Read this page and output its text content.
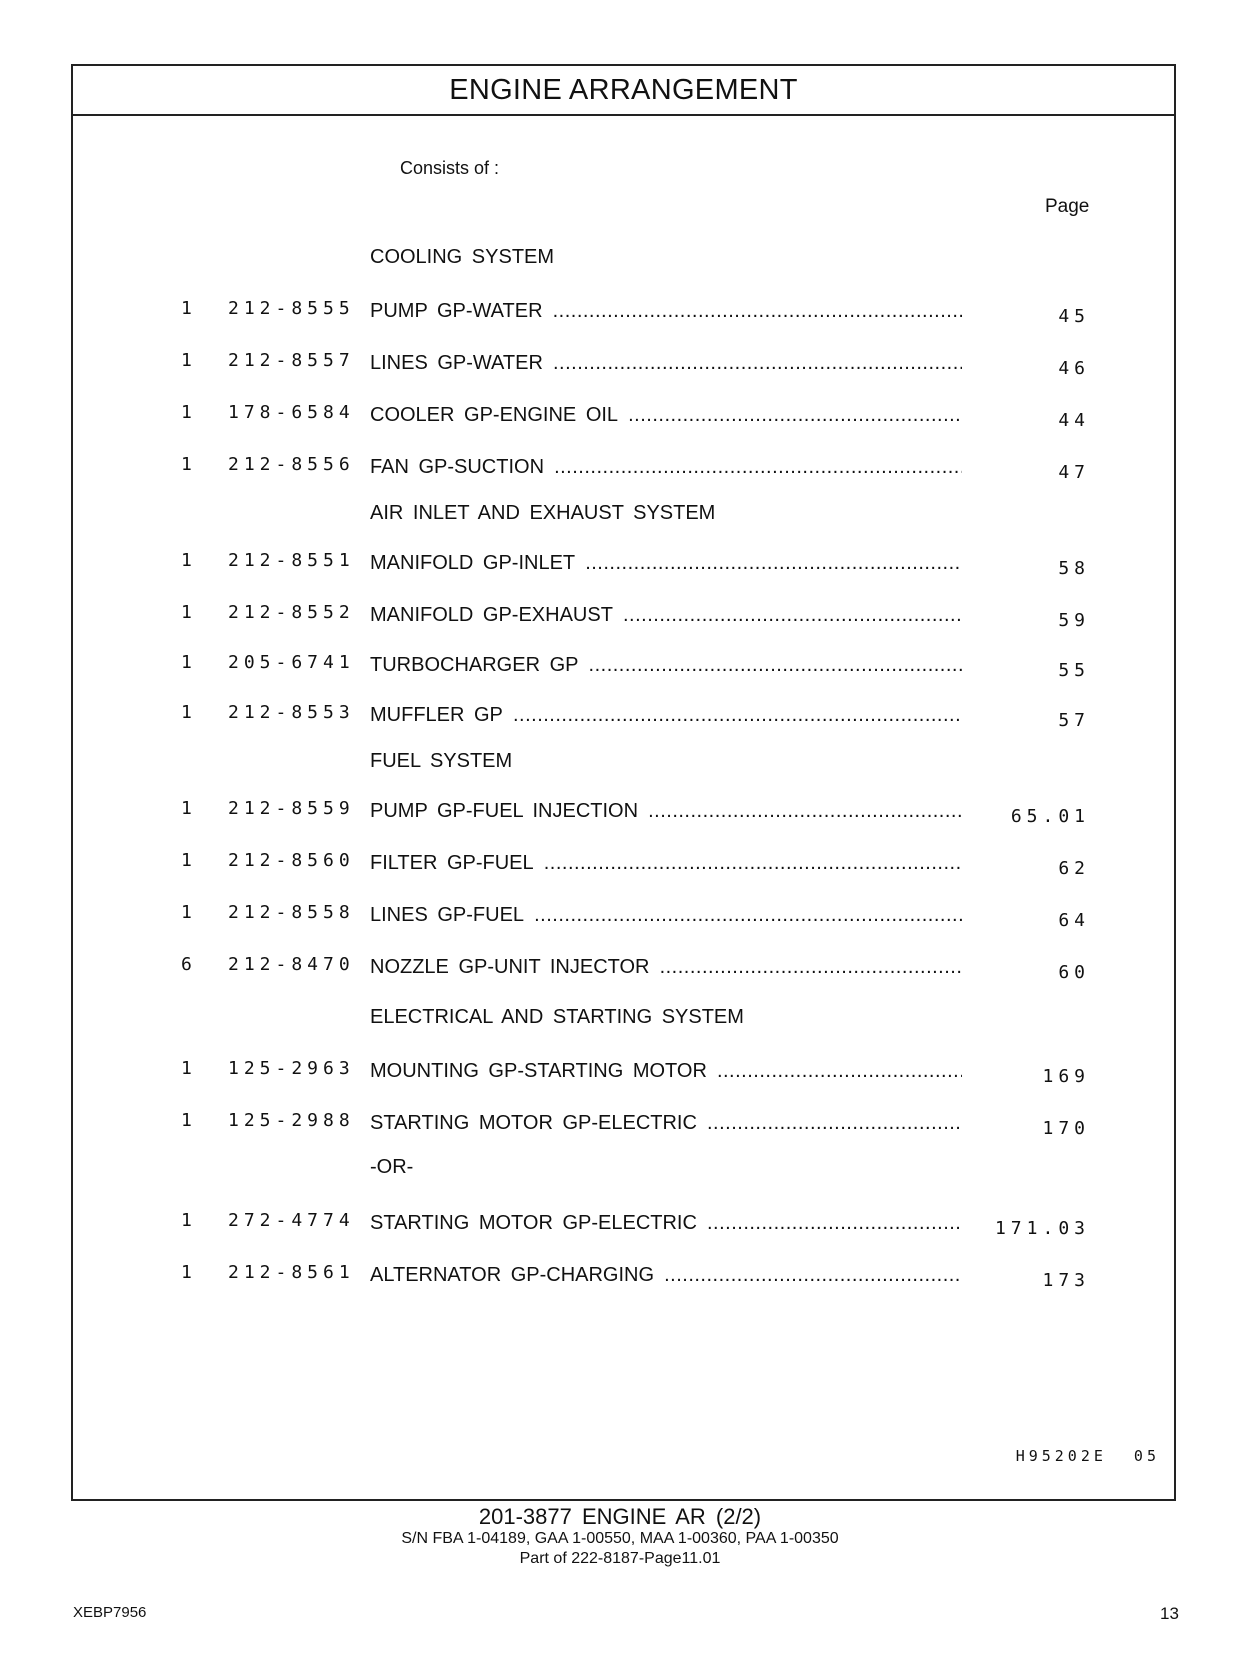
ENGINE ARRANGEMENT
Consists of :
Page
COOLING SYSTEM
1 212-8555 PUMP GP-WATER .....	45
1 212-8557 LINES GP-WATER .....	46
1 178-6584 COOLER GP-ENGINE OIL .....	44
1 212-8556 FAN GP-SUCTION .....	47
AIR INLET AND EXHAUST SYSTEM
1 212-8551 MANIFOLD GP-INLET .....	58
1 212-8552 MANIFOLD GP-EXHAUST .....	59
1 205-6741 TURBOCHARGER GP .....	55
1 212-8553 MUFFLER GP .....	57
FUEL SYSTEM
1 212-8559 PUMP GP-FUEL INJECTION .....	65.01
1 212-8560 FILTER GP-FUEL .....	62
1 212-8558 LINES GP-FUEL .....	64
6 212-8470 NOZZLE GP-UNIT INJECTOR .....	60
ELECTRICAL AND STARTING SYSTEM
1 125-2963 MOUNTING GP-STARTING MOTOR .....	169
1 125-2988 STARTING MOTOR GP-ELECTRIC .....	170
-OR-
1 272-4774 STARTING MOTOR GP-ELECTRIC .....	171.03
1 212-8561 ALTERNATOR GP-CHARGING .....	173
H95202E 05
201-3877 ENGINE AR (2/2)
S/N FBA 1-04189, GAA 1-00550, MAA 1-00360, PAA 1-00350
Part of 222-8187-Page11.01
XEBP7956	13
